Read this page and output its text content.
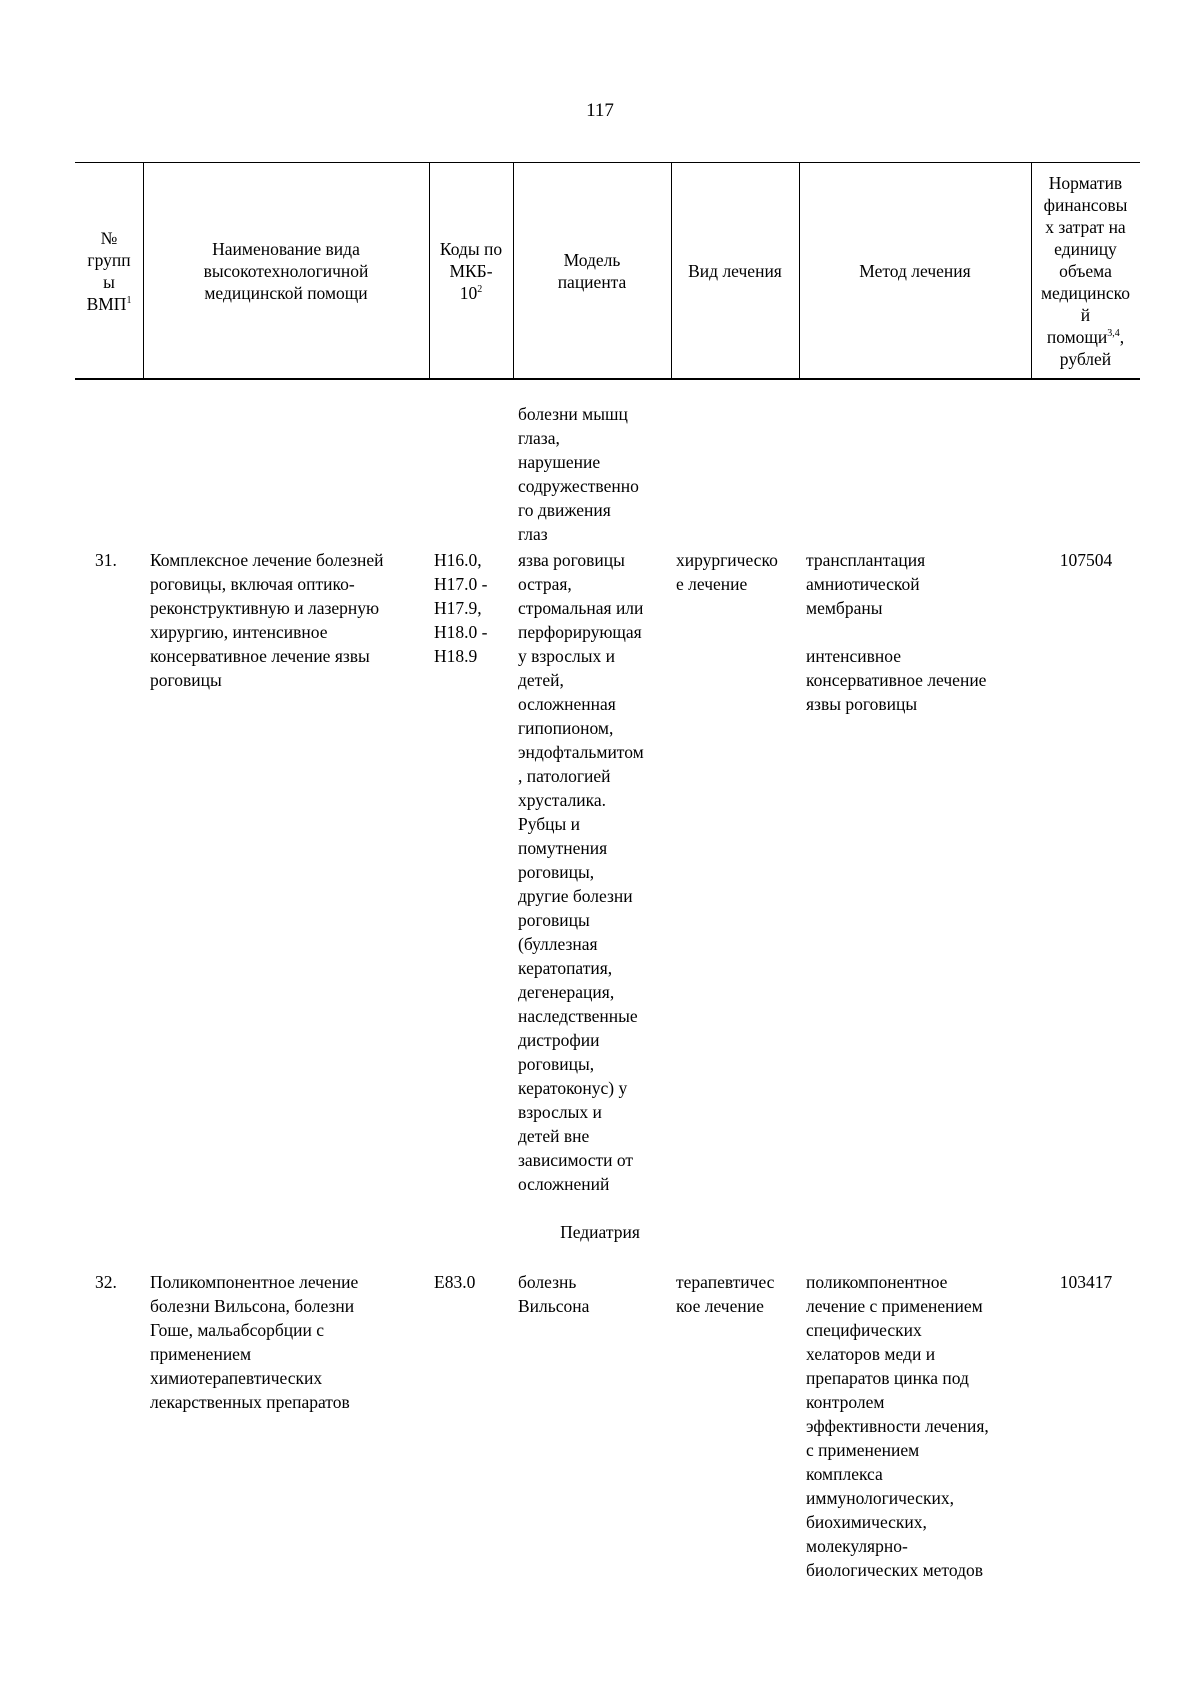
117
№
групп
ы
ВМП$^1$
Наименование вида
высокотехнологичной
медицинской помощи
Коды по
МКБ-
$10^2$
Модель
пациента
Вид лечения	Метод лечения
Норматив
финансовы
х затрат на
единицу
объема
медицинско
й
помощи$^{3,4}$,
рублей
болезни мышц
глаза,
нарушение
содружественно
го движения
глаз
31. Комплексное лечение болезней
роговицы, включая оптико-
реконструктивную и лазерную
хирургию, интенсивное
консервативное лечение язвы
роговицы
H16.0,
H17.0 -
H17.9,
H18.0 -
H18.9
язва роговицы
острая,
стромальная или
перфорирующая
у взрослых и
детей,
осложненная
гипопионом,
эндофтальмитом
, патологией
хрусталика.
Рубцы и
помутнения
роговицы,
другие болезни
роговицы
(буллезная
кератопатия,
дегенерация,
наследственные
дистрофии
роговицы,
кератоконус) у
взрослых и
детей вне
зависимости от
осложнений
хирургическо
е лечение
трансплантация
амниотической
мембраны

интенсивное
консервативное лечение
язвы роговицы
107504
Педиатрия
32. Поликомпонентное лечение
болезни Вильсона, болезни
Гоше, мальабсорбции с
применением
химиотерапевтических
лекарственных препаратов
E83.0 болезнь
Вильсона
терапевтичес
кое лечение
поликомпонентное
лечение с применением
специфических
хелаторов меди и
препаратов цинка под
контролем
эффективности лечения,
с применением
комплекса
иммунологических,
биохимических,
молекулярно-
биологических методов
103417
